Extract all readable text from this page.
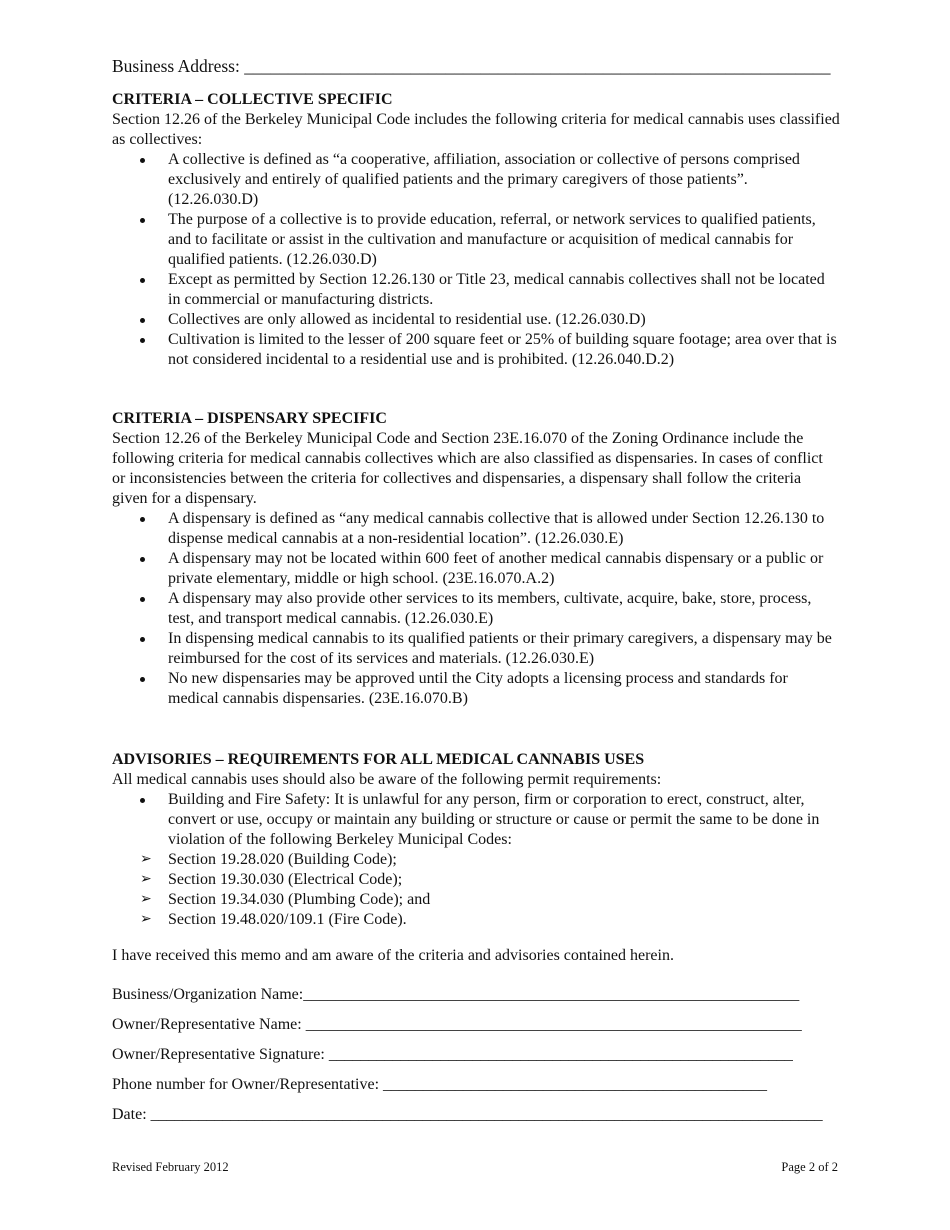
Business Address: ___________________________________________________________________
CRITERIA – COLLECTIVE SPECIFIC

Section 12.26 of the Berkeley Municipal Code includes the following criteria for medical cannabis uses classified as collectives:

A collective is defined as “a cooperative, affiliation, association or collective of persons comprised exclusively and entirely of qualified patients and the primary caregivers of those patients”. (12.26.030.D)
The purpose of a collective is to provide education, referral, or network services to qualified patients, and to facilitate or assist in the cultivation and manufacture or acquisition of medical cannabis for qualified patients. (12.26.030.D)
Except as permitted by Section 12.26.130 or Title 23, medical cannabis collectives shall not be located in commercial or manufacturing districts.
Collectives are only allowed as incidental to residential use. (12.26.030.D)
Cultivation is limited to the lesser of 200 square feet or 25% of building square footage; area over that is not considered incidental to a residential use and is prohibited. (12.26.040.D.2)
CRITERIA – DISPENSARY SPECIFIC

Section 12.26 of the Berkeley Municipal Code and Section 23E.16.070 of the Zoning Ordinance include the following criteria for medical cannabis collectives which are also classified as dispensaries. In cases of conflict or inconsistencies between the criteria for collectives and dispensaries, a dispensary shall follow the criteria given for a dispensary.

A dispensary is defined as “any medical cannabis collective that is allowed under Section 12.26.130 to dispense medical cannabis at a non-residential location”. (12.26.030.E)
A dispensary may not be located within 600 feet of another medical cannabis dispensary or a public or private elementary, middle or high school. (23E.16.070.A.2)
A dispensary may also provide other services to its members, cultivate, acquire, bake, store, process, test, and transport medical cannabis. (12.26.030.E)
In dispensing medical cannabis to its qualified patients or their primary caregivers, a dispensary may be reimbursed for the cost of its services and materials. (12.26.030.E)
No new dispensaries may be approved until the City adopts a licensing process and standards for medical cannabis dispensaries. (23E.16.070.B)
ADVISORIES – REQUIREMENTS FOR ALL MEDICAL CANNABIS USES

All medical cannabis uses should also be aware of the following permit requirements:

Building and Fire Safety: It is unlawful for any person, firm or corporation to erect, construct, alter, convert or use, occupy or maintain any building or structure or cause or permit the same to be done in violation of the following Berkeley Municipal Codes:
➢ Section 19.28.020 (Building Code);
➢ Section 19.30.030 (Electrical Code);
➢ Section 19.34.030 (Plumbing Code); and
➢ Section 19.48.020/109.1 (Fire Code).
I have received this memo and am aware of the criteria and advisories contained herein.
Business/Organization Name:______________________________________________________________
Owner/Representative Name: ______________________________________________________________
Owner/Representative Signature: __________________________________________________________
Phone number for Owner/Representative: ________________________________________________
Date: ____________________________________________________________________________________
Revised February 2012	Page 2 of 2
